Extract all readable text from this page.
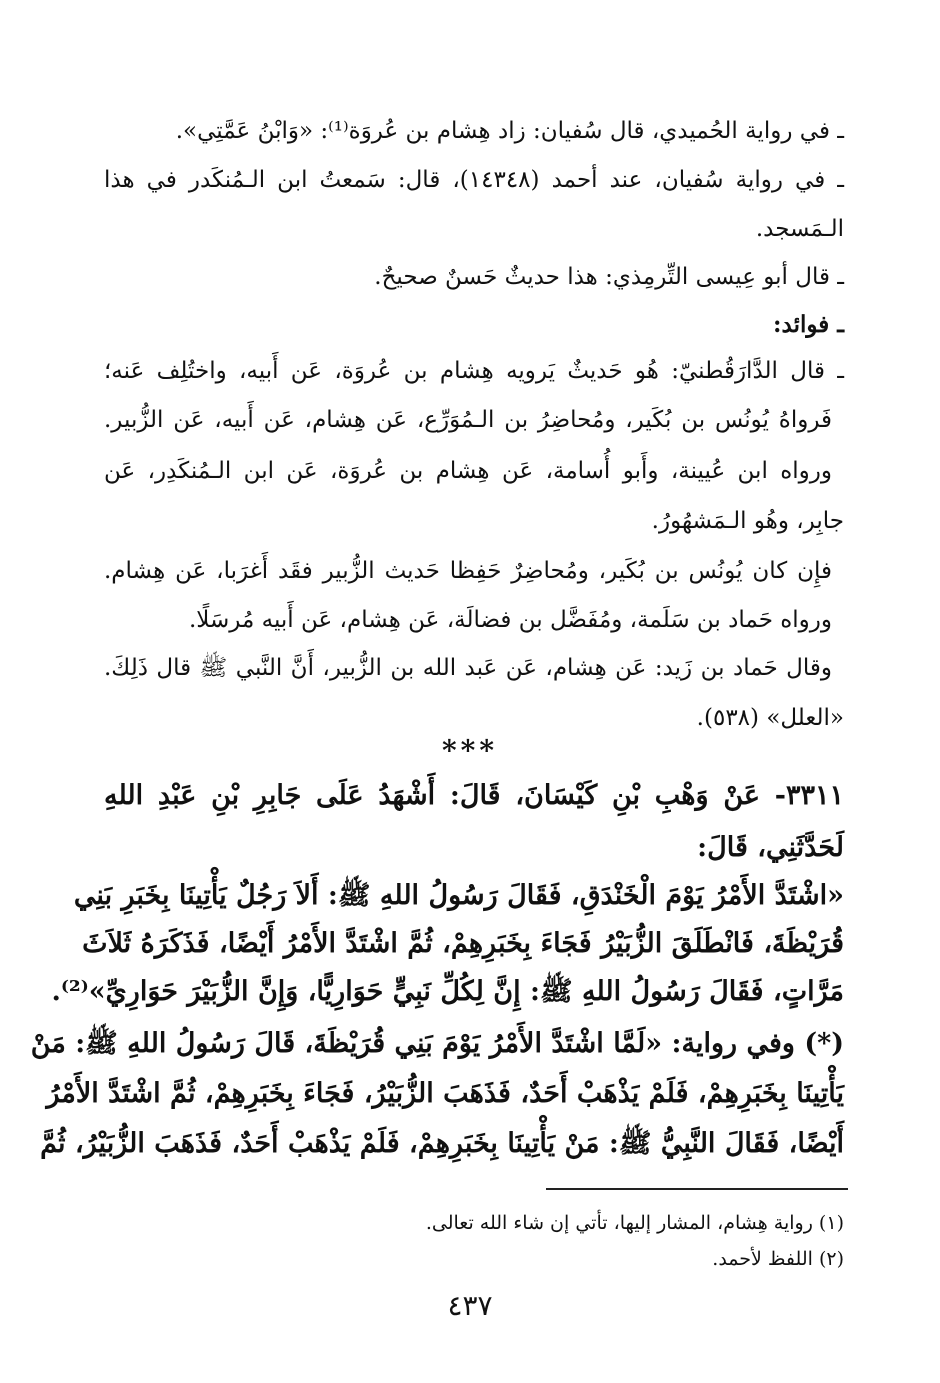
ـ في رواية الحُميدي، قال سُفيان: زاد هِشام بن عُروَة⁽¹⁾: «وَابْنُ عَمَّتِي».
ـ في رواية سُفيان، عند أحمد (١٤٣٤٨)، قال: سَمعتُ ابن الـمُنكَدر في هذا
الـمَسجد.
ـ قال أبو عِيسى التِّرمِذي: هذا حديثٌ حَسنٌ صحيحٌ.
ـ فوائد:
ـ قال الدَّارَقُطنيّ: هُو حَديثٌ يَرويه هِشام بن عُروَة، عَن أَبيه، واختُلِف عَنه؛
فَرواهُ يُونُس بن بُكَير، ومُحاضِرُ بن الـمُوَرِّع، عَن هِشام، عَن أَبيه، عَن الزُّبير.
ورواه ابن عُيينة، وأَبو أُسامة، عَن هِشام بن عُروَة، عَن ابن الـمُنكَدِر، عَن
جابِر، وهُو الـمَشهُورُ.
فإِن كان يُونُس بن بُكَير، ومُحاضِرٌ حَفِظا حَديث الزُّبير فقَد أَغرَبا، عَن هِشام.
ورواه حَماد بن سَلَمة، ومُفَضَّل بن فضالَة، عَن هِشام، عَن أَبيه مُرسَلًا.
وقال حَماد بن زَيد: عَن هِشام، عَن عَبد الله بن الزُّبير، أَنَّ النَّبي ﷺ قال ذَلِكَ.
«العلل» (٥٣٨).
***
٣٣١١- عَنْ وَهْبِ بْنِ كَيْسَانَ، قَالَ: أَشْهَدُ عَلَى جَابِرِ بْنِ عَبْدِ اللهِ
لَحَدَّثَنِي، قَالَ:
«اشْتَدَّ الأَمْرُ يَوْمَ الْخَنْدَقِ، فَقَالَ رَسُولُ اللهِ ﷺ: أَلاَ رَجُلٌ يَأْتِينَا بِخَبَرِ بَنِي
قُرَيْظَةَ، فَانْطَلَقَ الزُّبَيْرُ فَجَاءَ بِخَبَرِهِمْ، ثُمَّ اشْتَدَّ الأَمْرُ أَيْضًا، فَذَكَرَهُ ثَلاَثَ
مَرَّاتٍ، فَقَالَ رَسُولُ اللهِ ﷺ: إِنَّ لِكُلِّ نَبِيٍّ حَوَارِيًّا، وَإِنَّ الزُّبَيْرَ حَوَارِيِّ»⁽²⁾.
(*) وفي رواية: «لَمَّا اشْتَدَّ الأَمْرُ يَوْمَ بَنِي قُرَيْظَةَ، قَالَ رَسُولُ اللهِ ﷺ: مَنْ
يَأْتِينَا بِخَبَرِهِمْ، فَلَمْ يَذْهَبْ أَحَدٌ، فَذَهَبَ الزُّبَيْرُ، فَجَاءَ بِخَبَرِهِمْ، ثُمَّ اشْتَدَّ الأَمْرُ
أَيْضًا، فَقَالَ النَّبِيُّ ﷺ: مَنْ يَأْتِينَا بِخَبَرِهِمْ، فَلَمْ يَذْهَبْ أَحَدٌ، فَذَهَبَ الزُّبَيْرُ، ثُمَّ
(١) رواية هِشام، المشار إليها، تأتي إن شاء الله تعالى.
(٢) اللفظ لأحمد.
٤٣٧
